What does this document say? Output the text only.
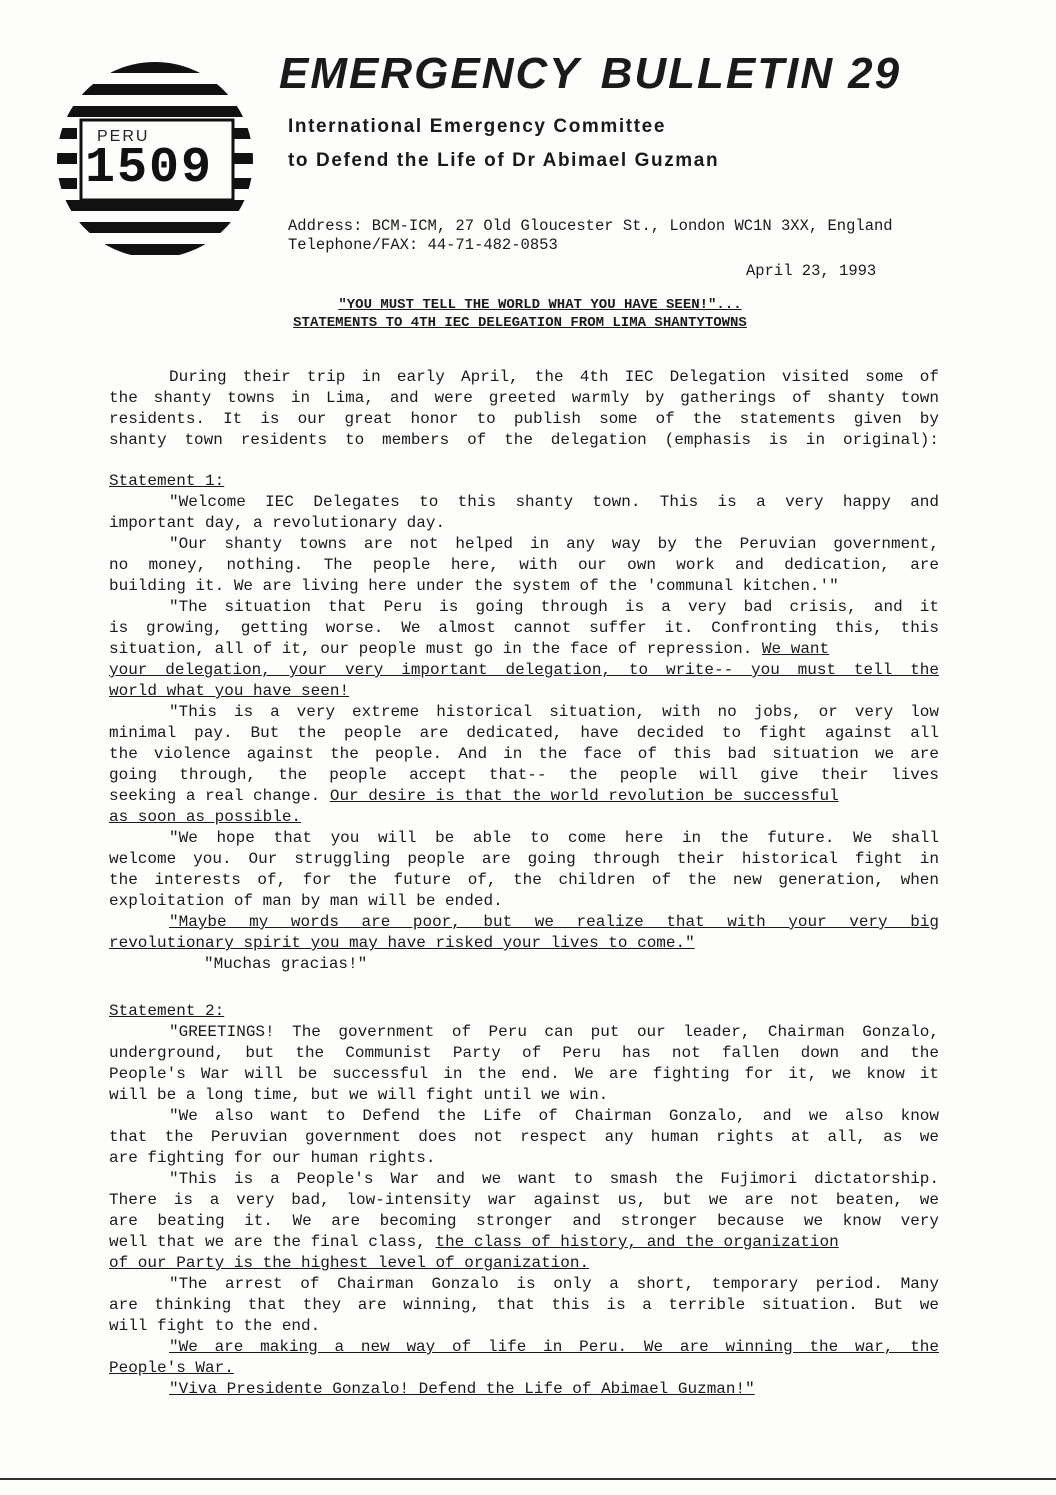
PERU
1509
EMERGENCY BULLETIN 29
International Emergency Committee
to Defend the Life of Dr Abimael Guzman
Address: BCM-ICM, 27 Old Gloucester St., London WC1N 3XX, England
Telephone/FAX: 44-71-482-0853
April 23, 1993
"YOU MUST TELL THE WORLD WHAT YOU HAVE SEEN!"...
STATEMENTS TO 4TH IEC DELEGATION FROM LIMA SHANTYTOWNS
During their trip in early April, the 4th IEC Delegation visited some of
the shanty towns in Lima, and were greeted warmly by gatherings of shanty town
residents. It is our great honor to publish some of the statements given by
shanty town residents to members of the delegation (emphasis is in original):
Statement 1:
"Welcome IEC Delegates to this shanty town. This is a very happy and
important day, a revolutionary day.
"Our shanty towns are not helped in any way by the Peruvian government,
no money, nothing. The people here, with our own work and dedication, are
building it. We are living here under the system of the 'communal kitchen.'"
"The situation that Peru is going through is a very bad crisis, and it
is growing, getting worse. We almost cannot suffer it. Confronting this, this
situation, all of it, our people must go in the face of repression. We want
your delegation, your very important delegation, to write-- you must tell the
world what you have seen!
"This is a very extreme historical situation, with no jobs, or very low
minimal pay. But the people are dedicated, have decided to fight against all
the violence against the people. And in the face of this bad situation we are
going through, the people accept that-- the people will give their lives
seeking a real change. Our desire is that the world revolution be successful
as soon as possible.
"We hope that you will be able to come here in the future. We shall
welcome you. Our struggling people are going through their historical fight in
the interests of, for the future of, the children of the new generation, when
exploitation of man by man will be ended.
"Maybe my words are poor, but we realize that with your very big
revolutionary spirit you may have risked your lives to come."
"Muchas gracias!"
Statement 2:
"GREETINGS! The government of Peru can put our leader, Chairman Gonzalo,
underground, but the Communist Party of Peru has not fallen down and the
People's War will be successful in the end. We are fighting for it, we know it
will be a long time, but we will fight until we win.
"We also want to Defend the Life of Chairman Gonzalo, and we also know
that the Peruvian government does not respect any human rights at all, as we
are fighting for our human rights.
"This is a People's War and we want to smash the Fujimori dictatorship.
There is a very bad, low-intensity war against us, but we are not beaten, we
are beating it. We are becoming stronger and stronger because we know very
well that we are the final class, the class of history, and the organization
of our Party is the highest level of organization.
"The arrest of Chairman Gonzalo is only a short, temporary period. Many
are thinking that they are winning, that this is a terrible situation. But we
will fight to the end.
"We are making a new way of life in Peru. We are winning the war, the
People's War.
"Viva Presidente Gonzalo! Defend the Life of Abimael Guzman!"
